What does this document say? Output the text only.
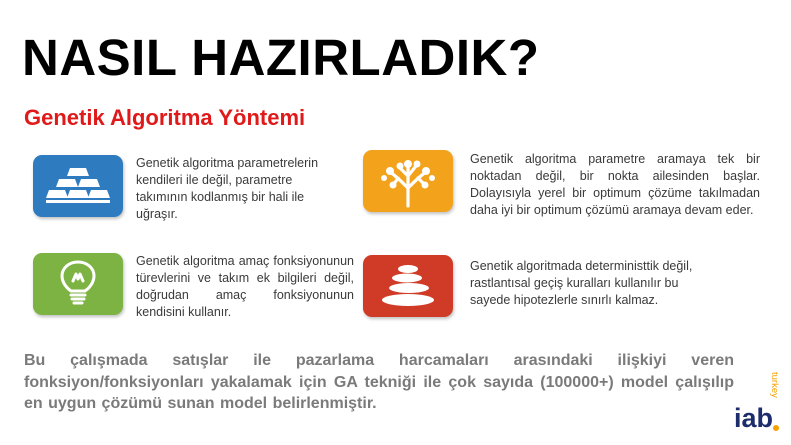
NASIL HAZIRLADIK?
Genetik Algoritma Yöntemi

Genetik algoritma parametrelerin kendileri ile değil, parametre takımının kodlanmış bir hali ile uğraşır.

Genetik algoritma amaç fonksiyonunun türevlerini ve takım ek bilgileri değil, doğrudan amaç fonksiyonunun kendisini kullanır.

Genetik algoritma parametre aramaya tek bir noktadan değil, bir nokta ailesinden başlar. Dolayısıyla yerel bir optimum çözüme takılmadan daha iyi bir optimum çözümü aramaya devam eder.

Genetik algoritmada deterministtik değil, rastlantısal geçiş kuralları kullanılır bu sayede hipotezlerle sınırlı kalmaz.

Bu çalışmada satışlar ile pazarlama harcamaları arasındaki ilişkiyi veren fonksiyon/fonksiyonları yakalamak için GA tekniği ile çok sayıda (100000+) model çalışılıp en uygun çözümü sunan model belirlenmiştir.

turkey
iab
